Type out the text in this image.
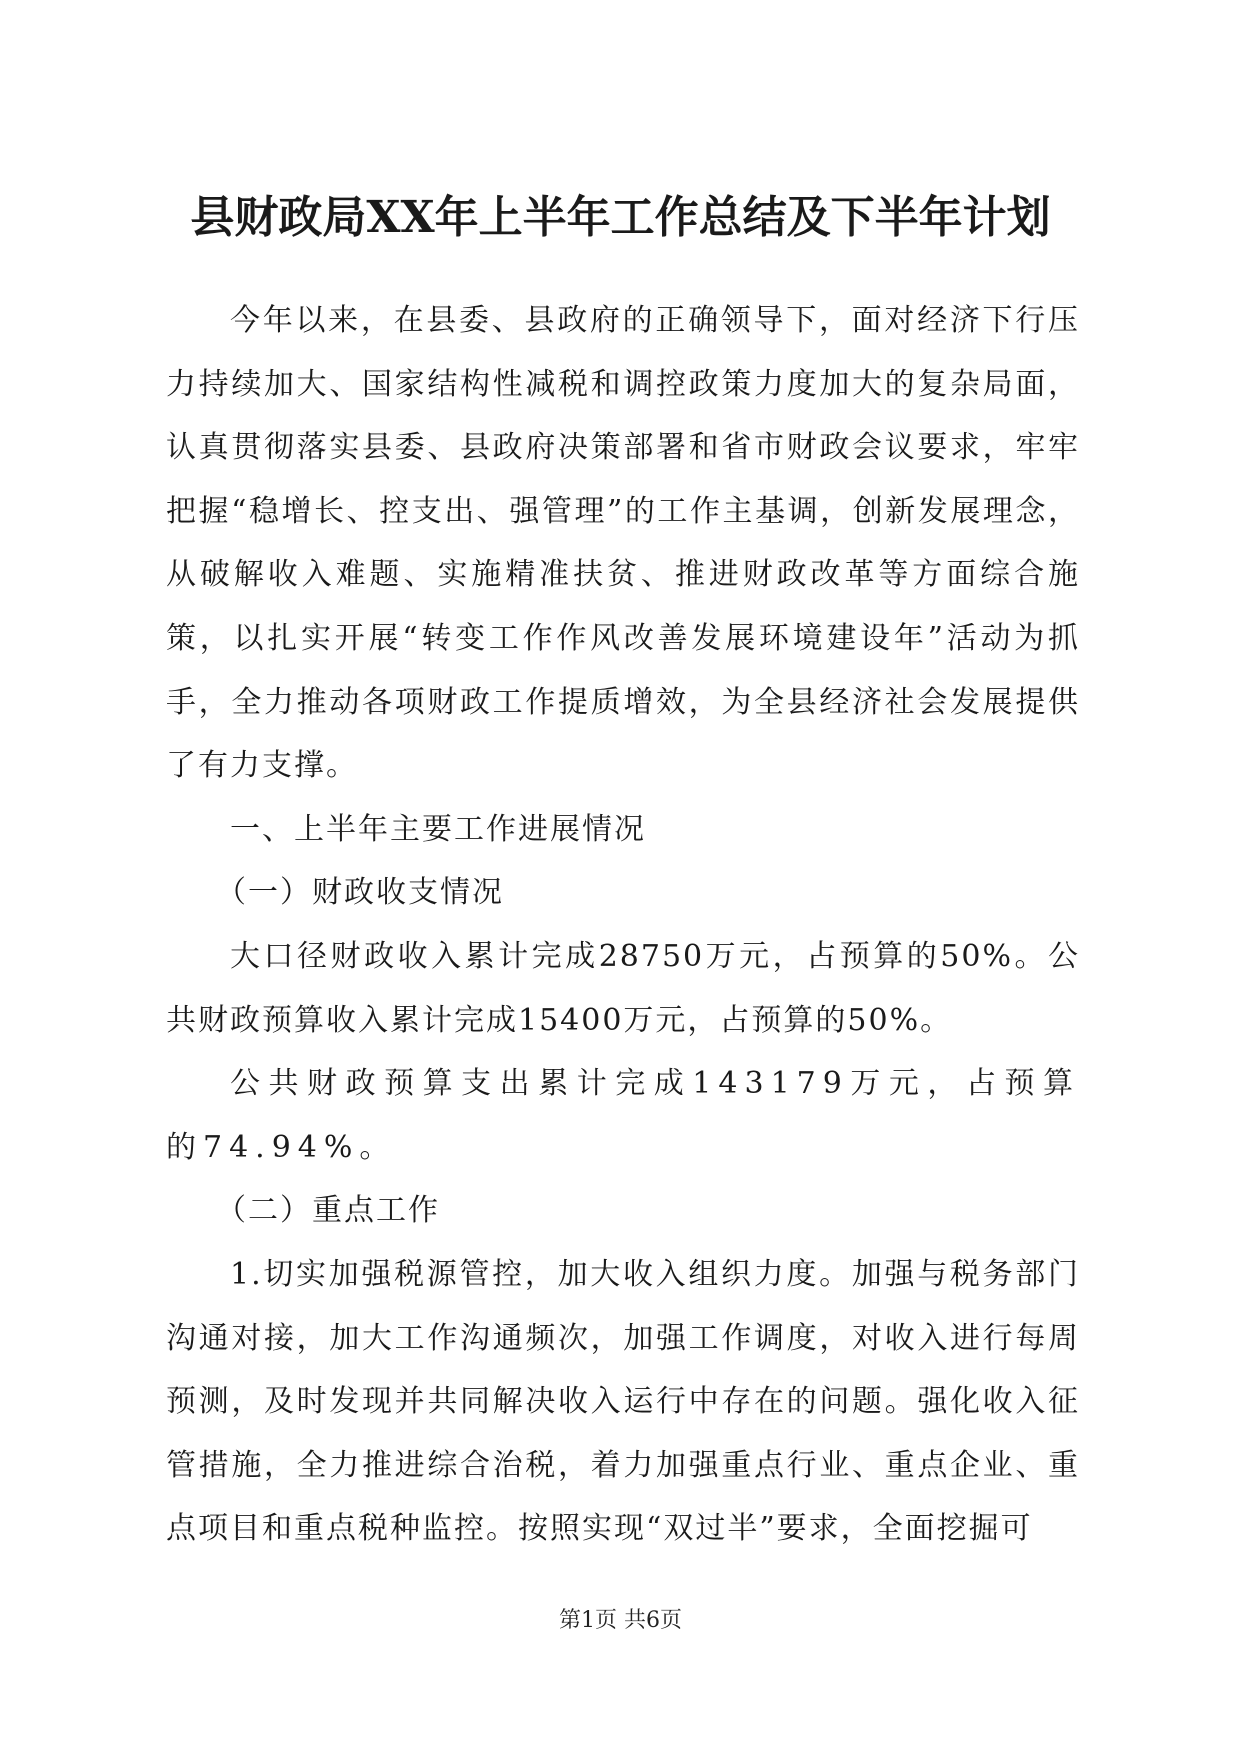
县财政局XX年上半年工作总结及下半年计划

今年以来，在县委、县政府的正确领导下，面对经济下行压力持续加大、国家结构性减税和调控政策力度加大的复杂局面，认真贯彻落实县委、县政府决策部署和省市财政会议要求，牢牢把握“稳增长、控支出、强管理”的工作主基调，创新发展理念，从破解收入难题、实施精准扶贫、推进财政改革等方面综合施策，以扎实开展“转变工作作风改善发展环境建设年”活动为抓手，全力推动各项财政工作提质增效，为全县经济社会发展提供了有力支撑。

一、上半年主要工作进展情况

（一）财政收支情况

大口径财政收入累计完成28750万元，占预算的50%。公共财政预算收入累计完成15400万元，占预算的50%。

公共财政预算支出累计完成143179万元，占预算的74.94%。

（二）重点工作

1.切实加强税源管控，加大收入组织力度。加强与税务部门沟通对接，加大工作沟通频次，加强工作调度，对收入进行每周预测，及时发现并共同解决收入运行中存在的问题。强化收入征管措施，全力推进综合治税，着力加强重点行业、重点企业、重点项目和重点税种监控。按照实现“双过半”要求，全面挖掘可

第1页 共6页
